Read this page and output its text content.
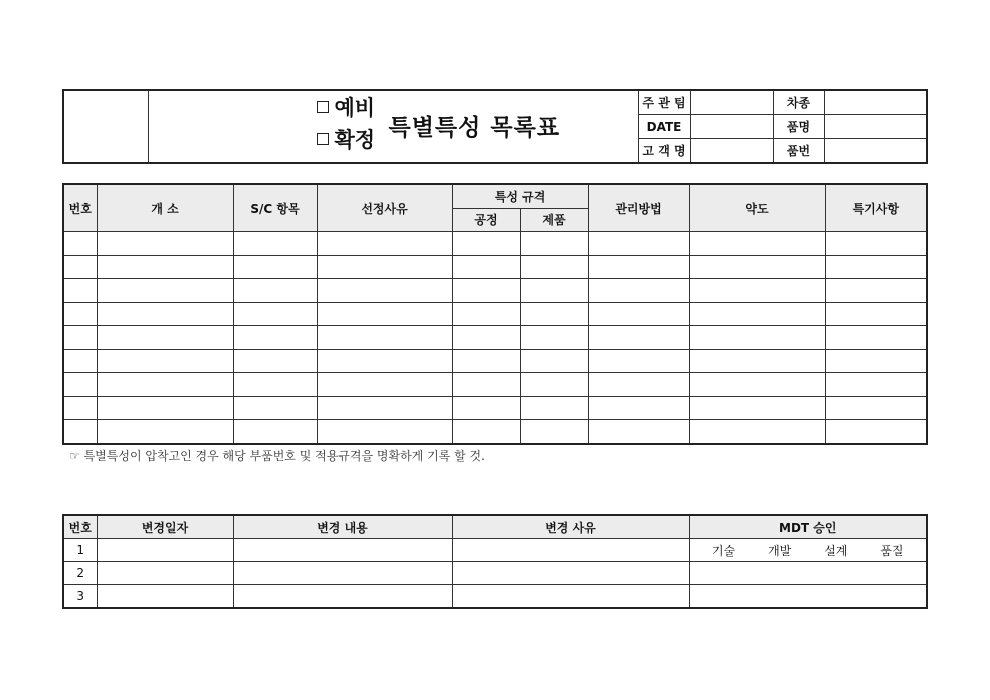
	예비
확정 특별특성 목록표	주 관 팀		차종	
		DATE		품명	
		고 객 명		품번	
번호	개 소	S/C 항목	선정사유	특성 규격		관리방법	약도	특기사항
				공정	제품			

☞ 특별특성이 압착고인 경우 해당 부품번호 및 적용규격을 명확하게 기록 할 것.
번호	변경일자	변경 내용	변경 사유	MDT 승인
1				기술 개발 설계 품질

2				
3				
